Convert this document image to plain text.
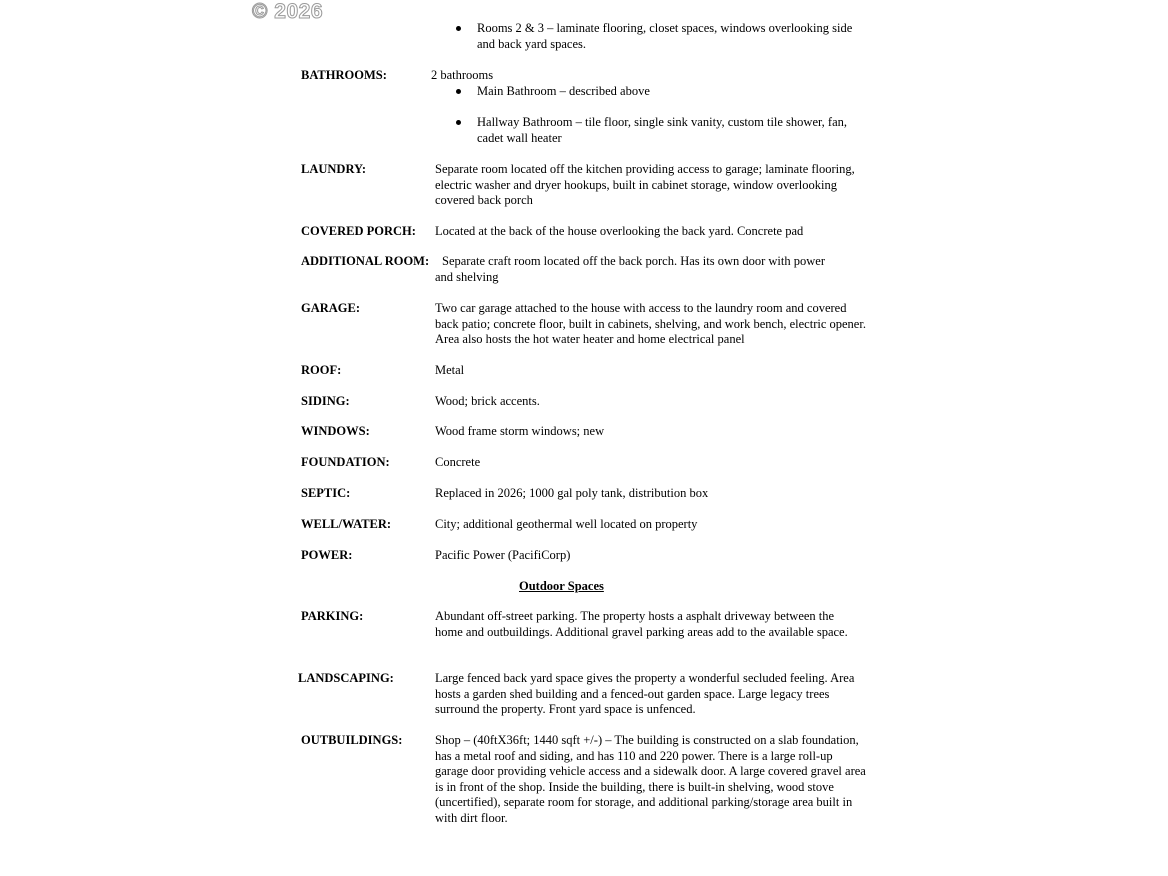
© 2026
Rooms 2 & 3 – laminate flooring, closet spaces, windows overlooking side and back yard spaces.
BATHROOMS:	2 bathrooms
Main Bathroom – described above
Hallway Bathroom – tile floor, single sink vanity, custom tile shower, fan, cadet wall heater
LAUNDRY:	Separate room located off the kitchen providing access to garage; laminate flooring, electric washer and dryer hookups, built in cabinet storage, window overlooking covered back porch
COVERED PORCH: Located at the back of the house overlooking the back yard. Concrete pad
ADDITIONAL ROOM: Separate craft room located off the back porch. Has its own door with power
and shelving
GARAGE:	Two car garage attached to the house with access to the laundry room and covered back patio; concrete floor, built in cabinets, shelving, and work bench, electric opener. Area also hosts the hot water heater and home electrical panel
ROOF:	Metal
SIDING:	Wood; brick accents.
WINDOWS:	Wood frame storm windows; new
FOUNDATION:	Concrete
SEPTIC:	Replaced in 2026; 1000 gal poly tank, distribution box
WELL/WATER:	City; additional geothermal well located on property
POWER:	Pacific Power (PacifiCorp)
Outdoor Spaces
PARKING:	Abundant off-street parking. The property hosts a asphalt driveway between the home and outbuildings. Additional gravel parking areas add to the available space.
LANDSCAPING:	Large fenced back yard space gives the property a wonderful secluded feeling. Area hosts a garden shed building and a fenced-out garden space. Large legacy trees surround the property. Front yard space is unfenced.
OUTBUILDINGS:	Shop – (40ftX36ft; 1440 sqft +/-) – The building is constructed on a slab foundation, has a metal roof and siding, and has 110 and 220 power. There is a large roll-up garage door providing vehicle access and a sidewalk door. A large covered gravel area is in front of the shop. Inside the building, there is built-in shelving, wood stove (uncertified), separate room for storage, and additional parking/storage area built in with dirt floor.
